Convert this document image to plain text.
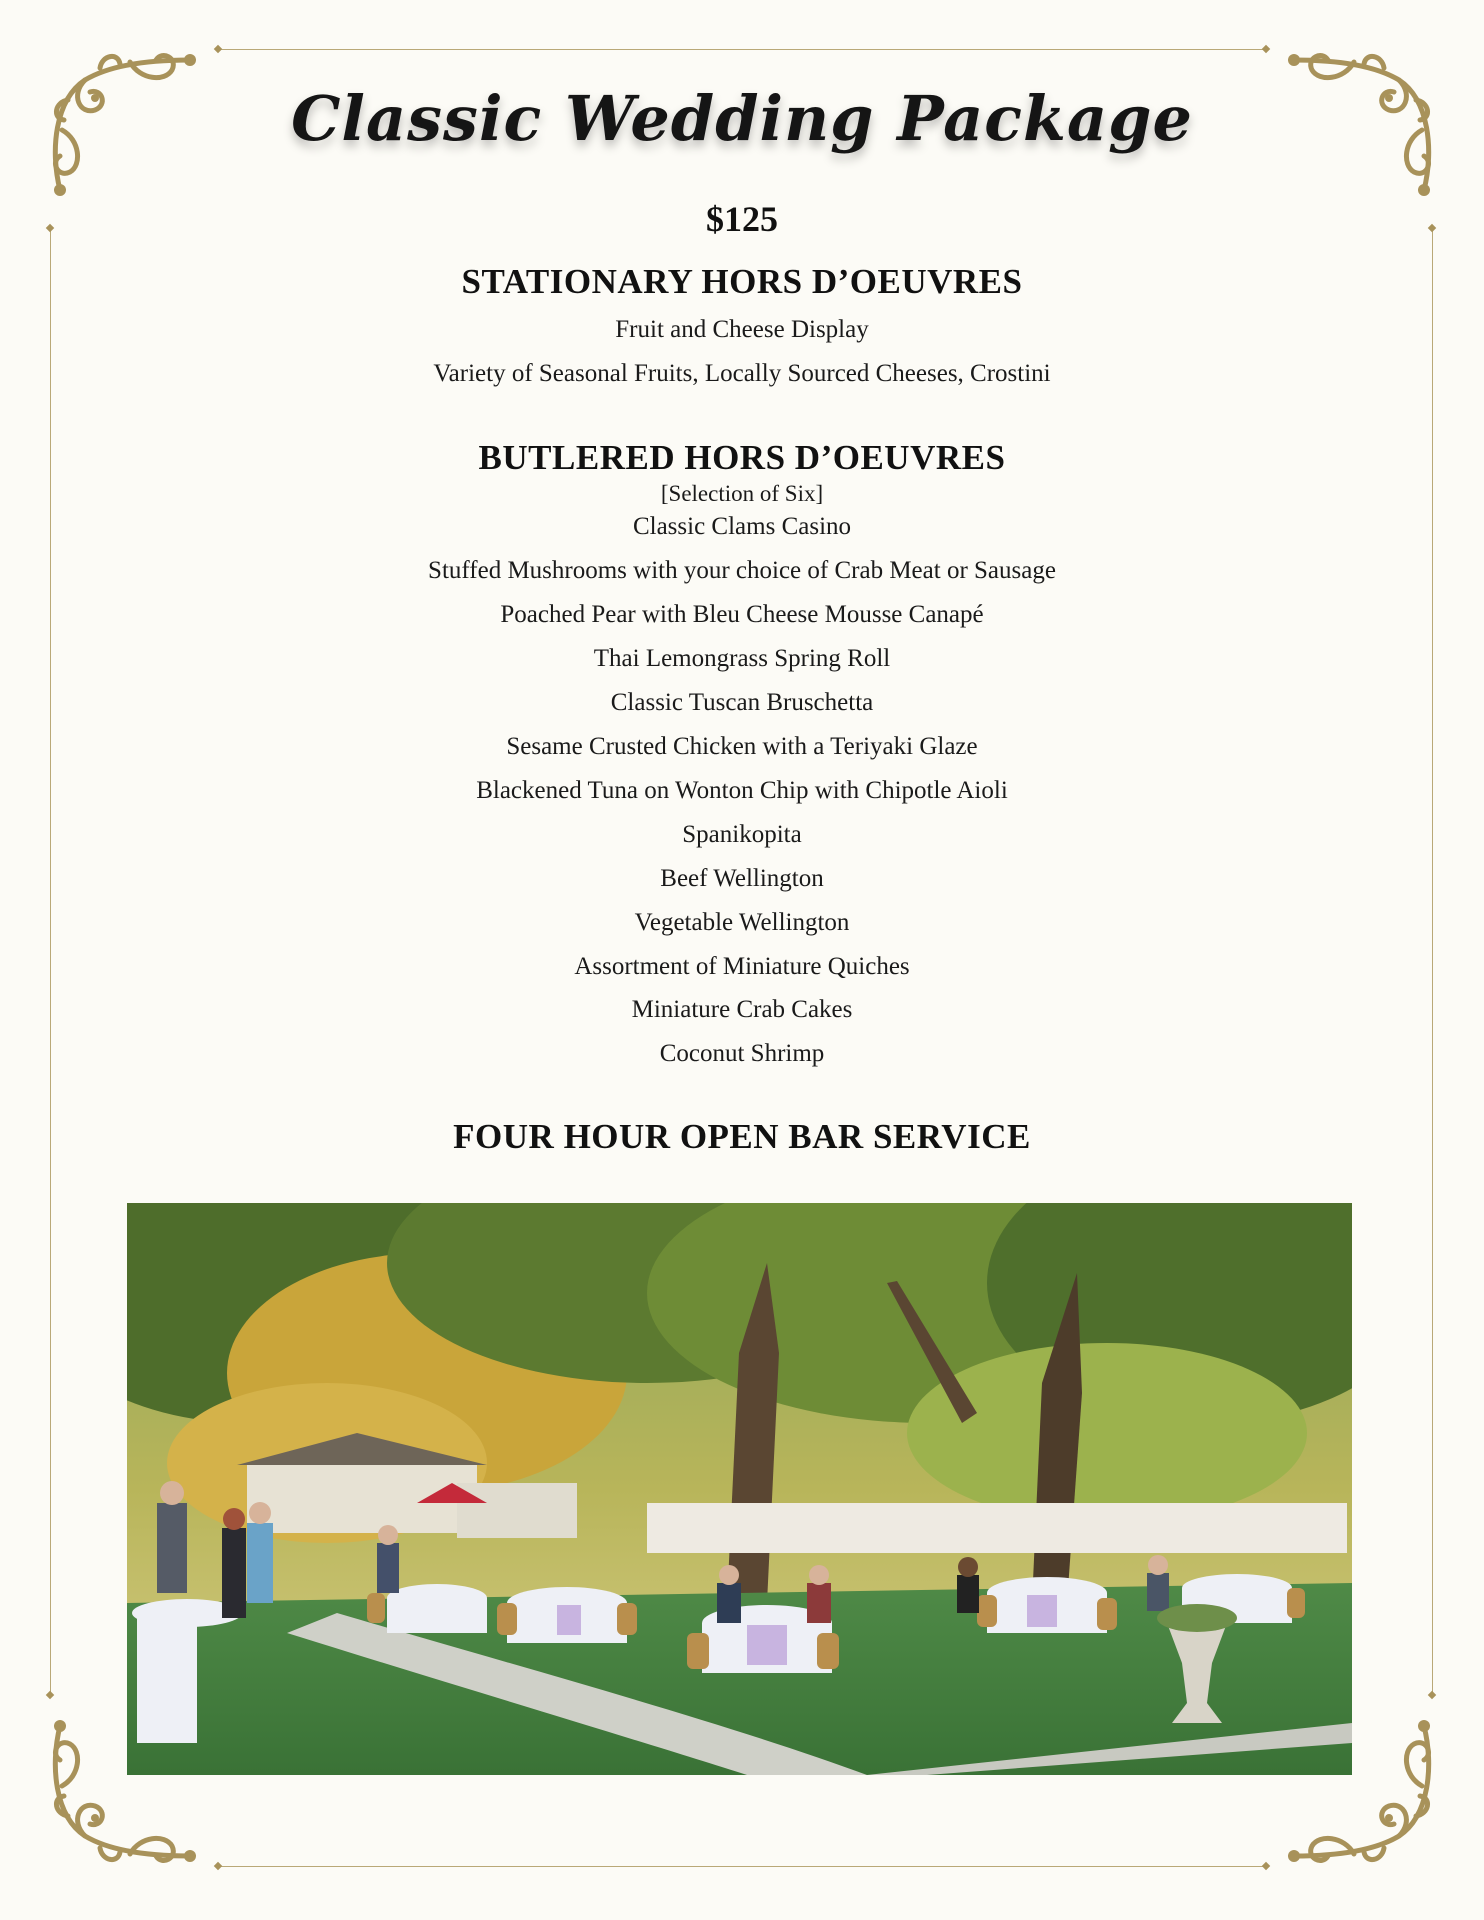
Classic Wedding Package
$125
STATIONARY HORS D’OEUVRES
Fruit and Cheese Display
Variety of Seasonal Fruits, Locally Sourced Cheeses, Crostini
BUTLERED HORS D’OEUVRES
[Selection of Six]
Classic Clams Casino
Stuffed Mushrooms with your choice of Crab Meat or Sausage
Poached Pear with Bleu Cheese Mousse Canapé
Thai Lemongrass Spring Roll
Classic Tuscan Bruschetta
Sesame Crusted Chicken with a Teriyaki Glaze
Blackened Tuna on Wonton Chip with Chipotle Aioli
Spanikopita
Beef Wellington
Vegetable Wellington
Assortment of Miniature Quiches
Miniature Crab Cakes
Coconut Shrimp
FOUR HOUR OPEN BAR SERVICE
